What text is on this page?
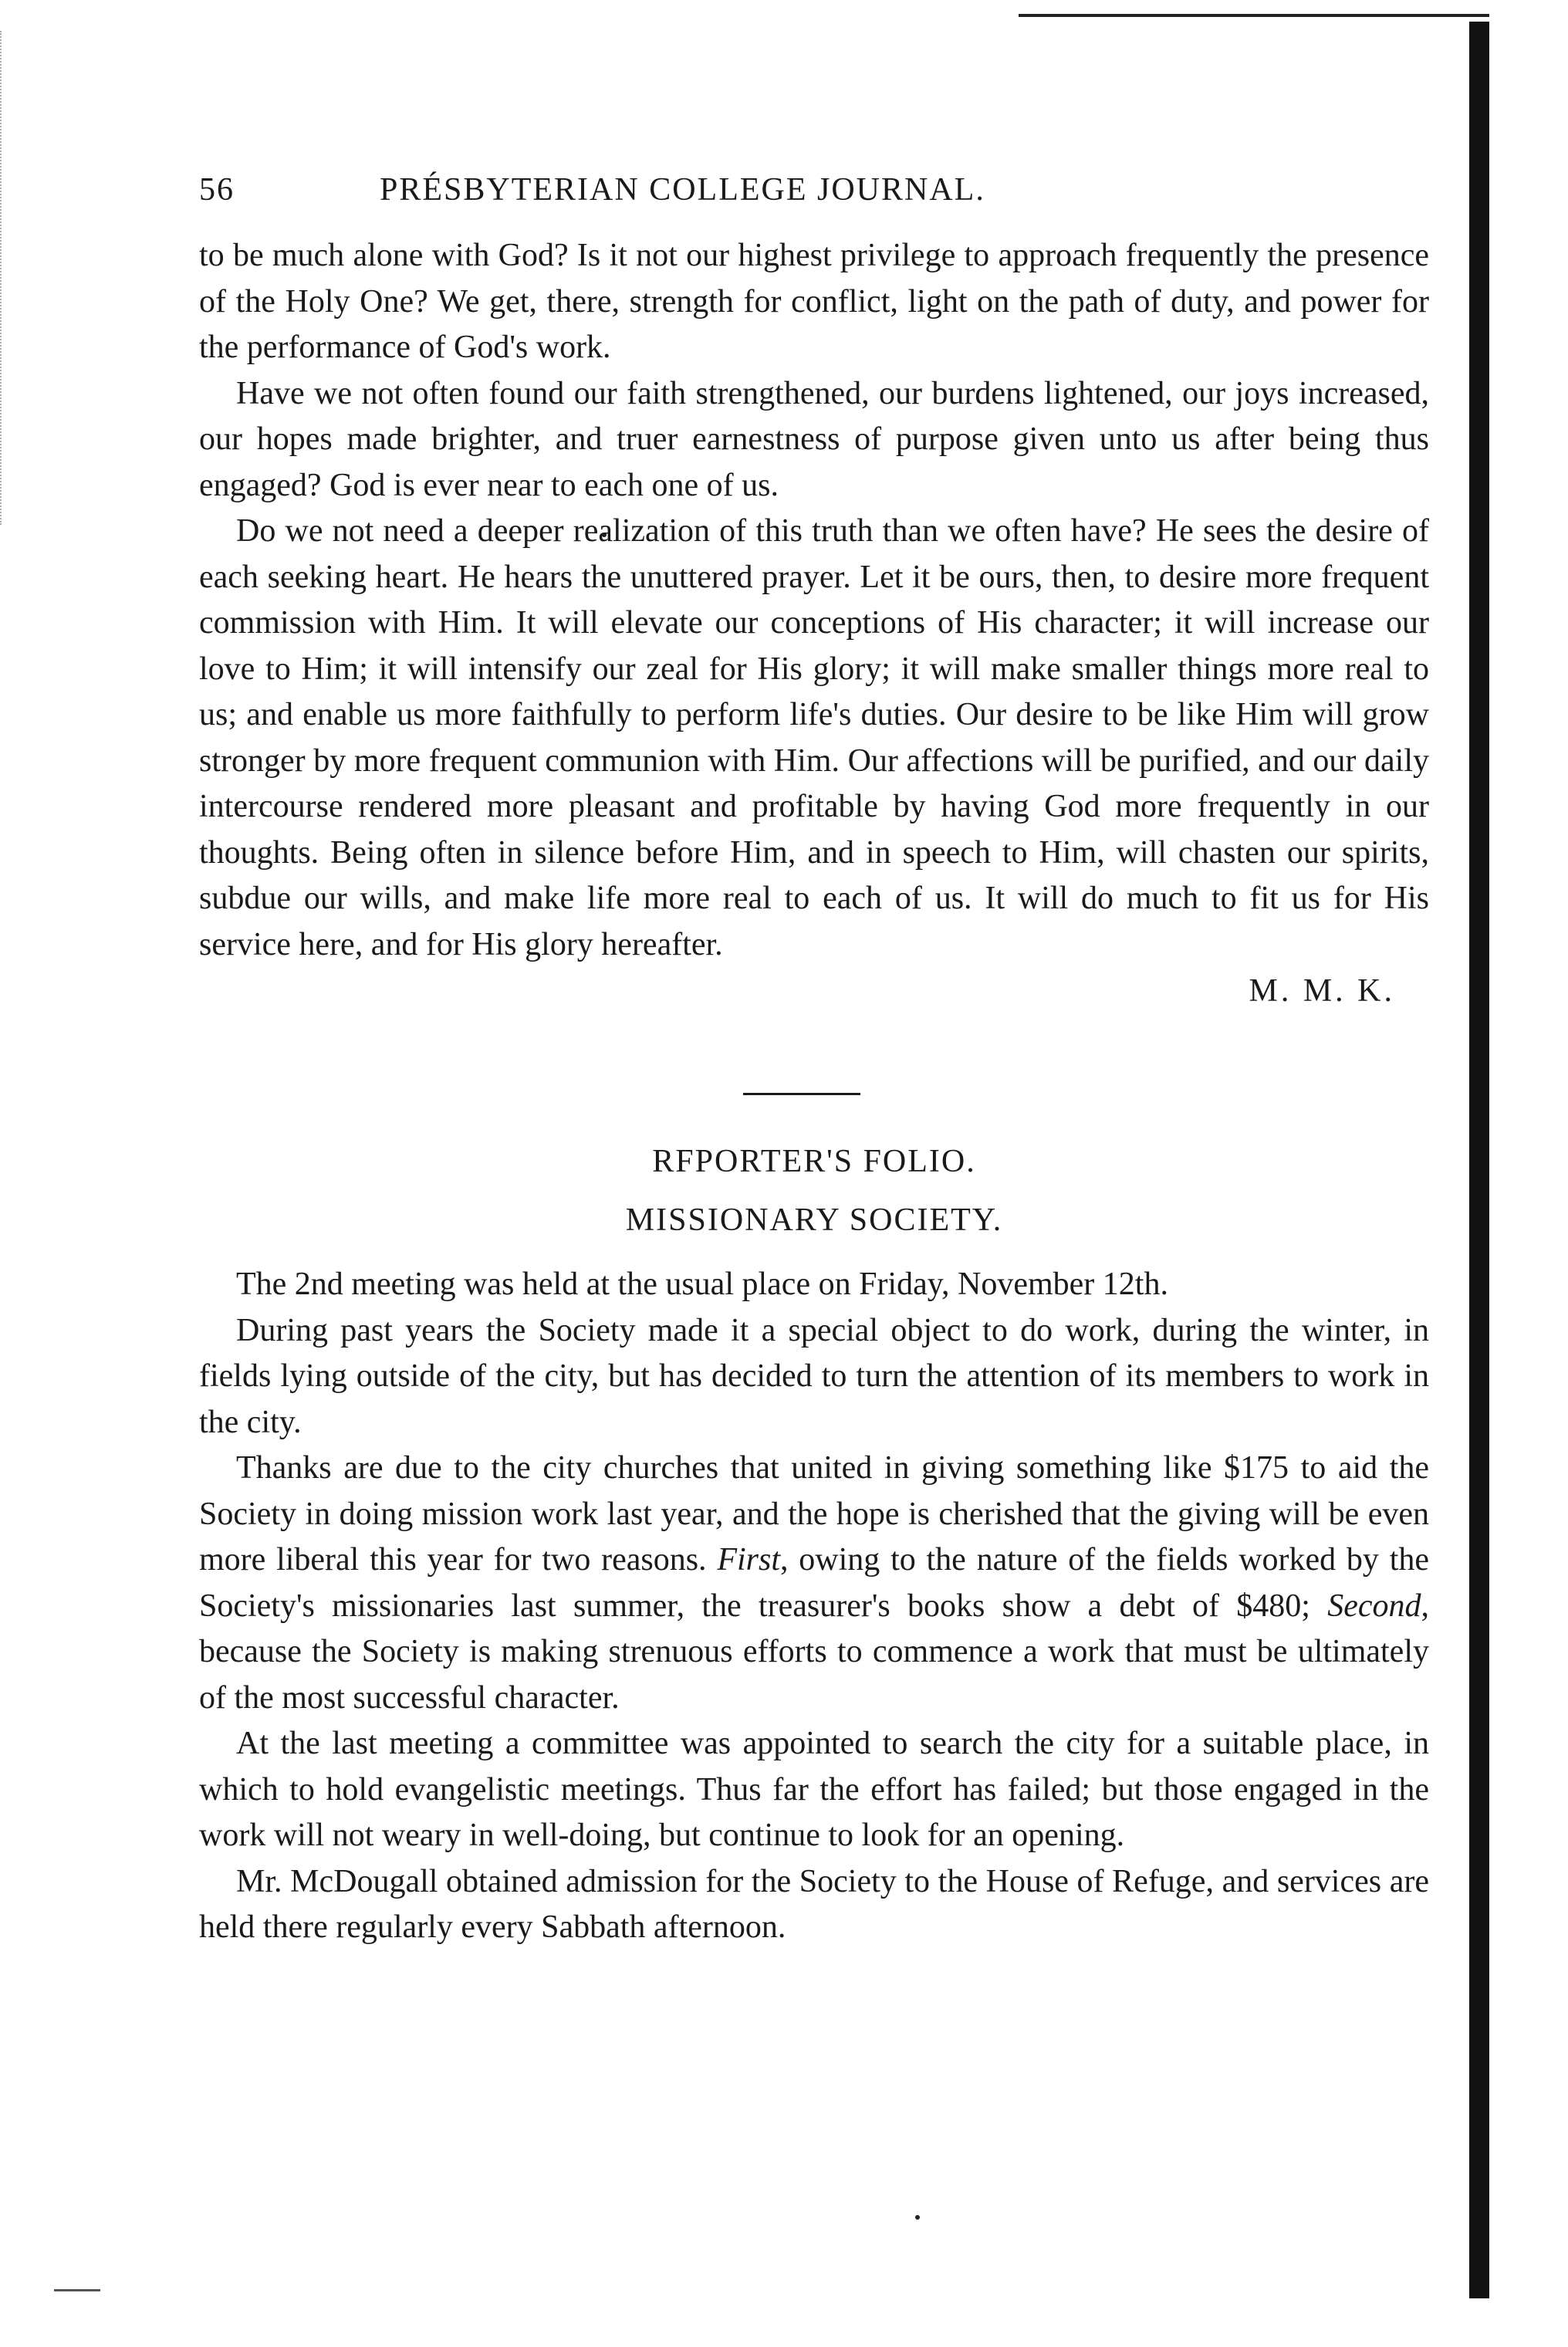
56	PRÉSBYTERIAN COLLEGE JOURNAL.

to be much alone with God? Is it not our highest privilege to approach frequently the presence of the Holy One? We get, there, strength for conflict, light on the path of duty, and power for the performance of God's work.

Have we not often found our faith strengthened, our burdens lightened, our joys increased, our hopes made brighter, and truer earnestness of purpose given unto us after being thus engaged? God is ever near to each one of us.

Do we not need a deeper realization of this truth than we often have? He sees the desire of each seeking heart. He hears the unuttered prayer. Let it be ours, then, to desire more frequent commission with Him. It will elevate our conceptions of His character; it will increase our love to Him; it will intensify our zeal for His glory; it will make smaller things more real to us; and enable us more faithfully to perform life's duties. Our desire to be like Him will grow stronger by more frequent communion with Him. Our affections will be purified, and our daily intercourse rendered more pleasant and profitable by having God more frequently in our thoughts. Being often in silence before Him, and in speech to Him, will chasten our spirits, subdue our wills, and make life more real to each of us. It will do much to fit us for His service here, and for His glory hereafter.

M. M. K.

RFPORTER'S FOLIO.

MISSIONARY SOCIETY.

The 2nd meeting was held at the usual place on Friday, November 12th.

During past years the Society made it a special object to do work, during the winter, in fields lying outside of the city, but has decided to turn the attention of its members to work in the city.

Thanks are due to the city churches that united in giving something like $175 to aid the Society in doing mission work last year, and the hope is cherished that the giving will be even more liberal this year for two reasons. First, owing to the nature of the fields worked by the Society's missionaries last summer, the treasurer's books show a debt of $480; Second, because the Society is making strenuous efforts to commence a work that must be ultimately of the most successful character.

At the last meeting a committee was appointed to search the city for a suitable place, in which to hold evangelistic meetings. Thus far the effort has failed; but those engaged in the work will not weary in well-doing, but continue to look for an opening.

Mr. McDougall obtained admission for the Society to the House of Refuge, and services are held there regularly every Sabbath afternoon.
